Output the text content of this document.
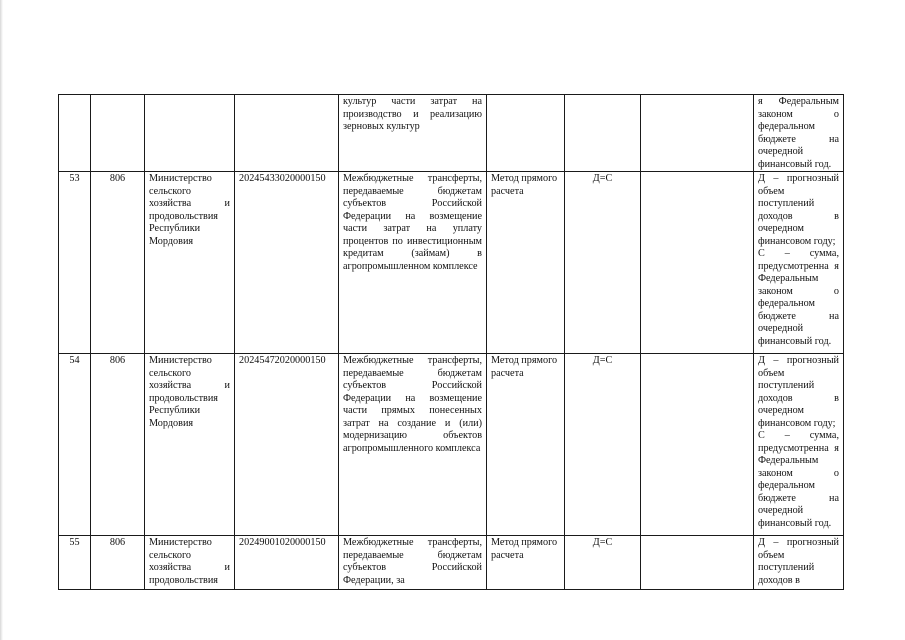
				культур части затрат на производство и реализацию зерновых культур				я Федеральным законом о федеральном бюджете на очередной финансовый год.

53	806	Министерство сельского хозяйства и продовольствия Республики Мордовия	20245433020000150	Межбюджетные трансферты, передаваемые бюджетам субъектов Российской Федерации на возмещение части затрат на уплату процентов по инвестиционным кредитам (займам) в агропромышленном комплексе	Метод прямого расчета	Д=С		Д – прогнозный объем поступлений доходов в очередном финансовом году;
С – сумма, предусмотренна я Федеральным законом о федеральном бюджете на очередной финансовый год.

54	806	Министерство сельского хозяйства и продовольствия Республики Мордовия	20245472020000150	Межбюджетные трансферты, передаваемые бюджетам субъектов Российской Федерации на возмещение части прямых понесенных затрат на создание и (или) модернизацию объектов агропромышленного комплекса	Метод прямого расчета	Д=С		Д – прогнозный объем поступлений доходов в очередном финансовом году;
С – сумма, предусмотренна я Федеральным законом о федеральном бюджете на очередной финансовый год.

55	806	Министерство сельского хозяйства и продовольствия	20249001020000150	Межбюджетные трансферты, передаваемые бюджетам субъектов Российской Федерации, за	Метод прямого расчета	Д=С		Д – прогнозный объем поступлений доходов в
